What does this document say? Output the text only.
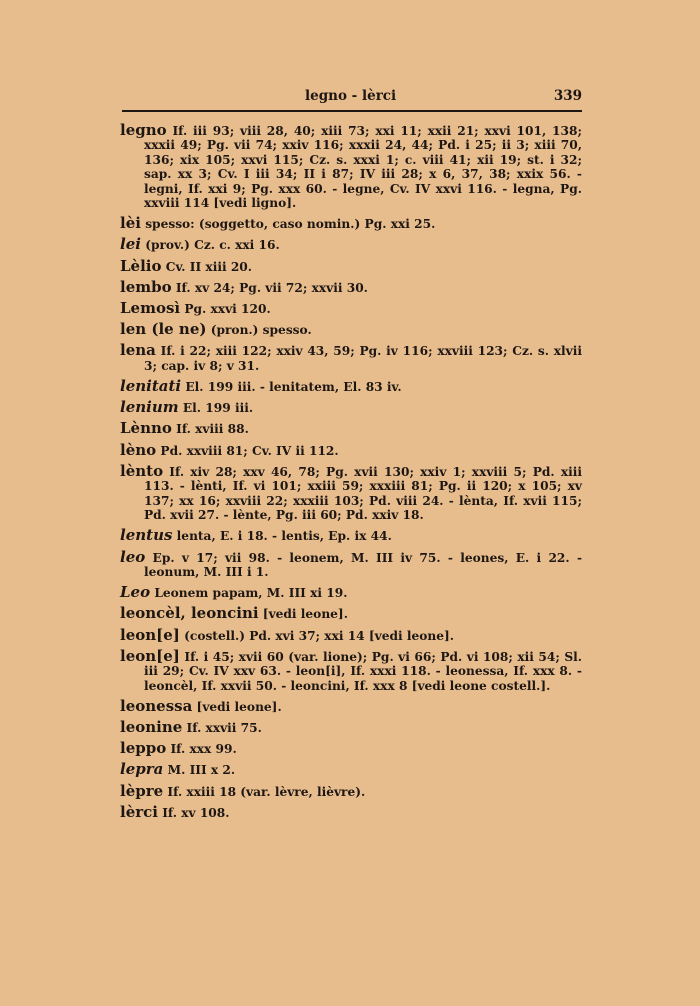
legno - lèrci	339
legno If. iii 93; viii 28, 40; xiii 73; xxi 11; xxii 21; xxvi 101, 138; xxxii 49; Pg. vii 74; xxiv 116; xxxii 24, 44; Pd. i 25; ii 3; xiii 70, 136; xix 105; xxvi 115; Cz. s. xxxi 1; c. viii 41; xii 19; st. i 32; sap. xx 3; Cv. I iii 34; II i 87; IV iii 28; x 6, 37, 38; xxix 56. - legni, If. xxi 9; Pg. xxx 60. - legne, Cv. IV xxvi 116. - legna, Pg. xxviii 114 [vedi ligno].
lèi spesso: (soggetto, caso nomin.) Pg. xxi 25.
lei (prov.) Cz. c. xxi 16.
Lèlio Cv. II xiii 20.
lembo If. xv 24; Pg. vii 72; xxvii 30.
Lemosì Pg. xxvi 120.
len (le ne) (pron.) spesso.
lena If. i 22; xiii 122; xxiv 43, 59; Pg. iv 116; xxviii 123; Cz. s. xlvii 3; cap. iv 8; v 31.
lenitati El. 199 iii. - lenitatem, El. 83 iv.
lenium El. 199 iii.
Lènno If. xviii 88.
lèno Pd. xxviii 81; Cv. IV ii 112.
lènto If. xiv 28; xxv 46, 78; Pg. xvii 130; xxiv 1; xxviii 5; Pd. xiii 113. - lènti, If. vi 101; xxiii 59; xxxiii 81; Pg. ii 120; x 105; xv 137; xx 16; xxviii 22; xxxiii 103; Pd. viii 24. - lènta, If. xvii 115; Pd. xvii 27. - lènte, Pg. iii 60; Pd. xxiv 18.
lentus lenta, E. i 18. - lentis, Ep. ix 44.
leo Ep. v 17; vii 98. - leonem, M. III iv 75. - leones, E. i 22. - leonum, M. III i 1.
Leo Leonem papam, M. III xi 19.
leoncèl, leoncini [vedi leone].
leon[e] (costell.) Pd. xvi 37; xxi 14 [vedi leone].
leon[e] If. i 45; xvii 60 (var. lione); Pg. vi 66; Pd. vi 108; xii 54; Sl. iii 29; Cv. IV xxv 63. - leon[i], If. xxxi 118. - leonessa, If. xxx 8. - leoncèl, If. xxvii 50. - leoncini, If. xxx 8 [vedi leone costell.].
leonessa [vedi leone].
leonine If. xxvii 75.
leppo If. xxx 99.
lepra M. III x 2.
lèpre If. xxiii 18 (var. lèvre, lièvre).
lèrci If. xv 108.
